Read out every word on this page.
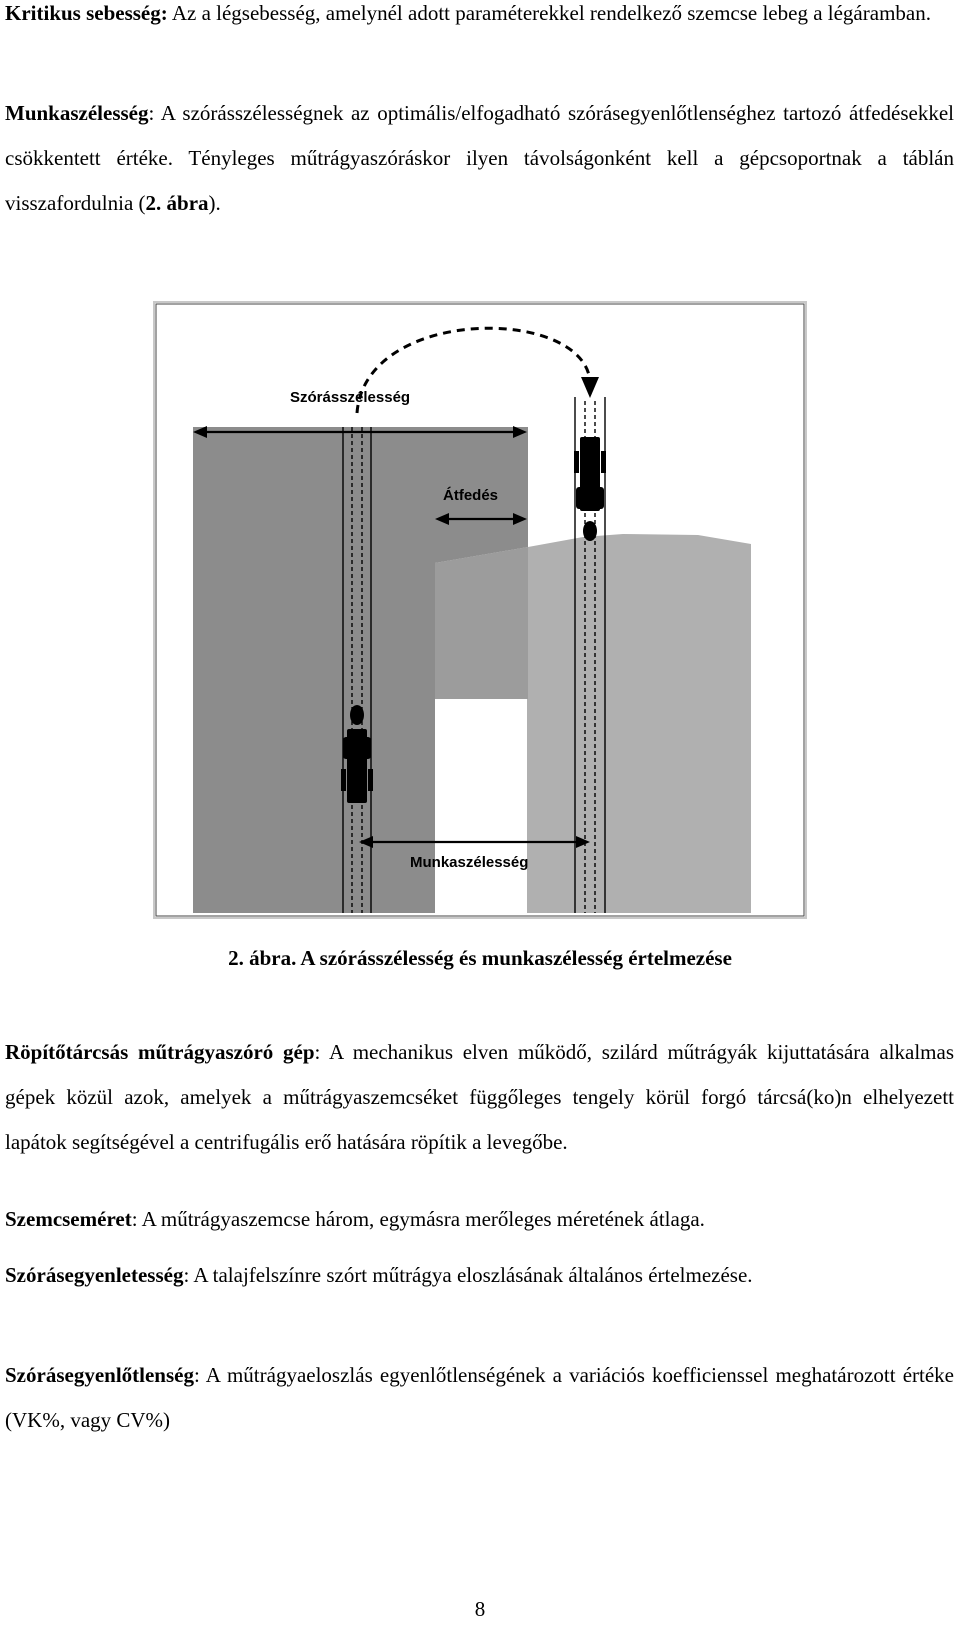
Kritikus sebesség: Az a légsebesség, amelynél adott paraméterekkel rendelkező szemcse lebeg a légáramban.

Munkaszélesség: A szórásszélességnek az optimális/elfogadható szórásegyenlőtlenséghez tartozó átfedésekkel csökkentett értéke. Tényleges műtrágyaszóráskor ilyen távolságonként kell a gépcsoportnak a táblán visszafordulnia (2. ábra).

Szórásszélesség
Átfedés
Munkaszélesség

2. ábra. A szórásszélesség és munkaszélesség értelmezése

Röpítőtárcsás műtrágyaszóró gép: A mechanikus elven működő, szilárd műtrágyák kijuttatására alkalmas gépek közül azok, amelyek a műtrágyaszemcséket függőleges tengely körül forgó tárcsá(ko)n elhelyezett lapátok segítségével a centrifugális erő hatására röpítik a levegőbe.

Szemcseméret: A műtrágyaszemcse három, egymásra merőleges méretének átlaga.

Szórásegyenletesség: A talajfelszínre szórt műtrágya eloszlásának általános értelmezése.

Szórásegyenlőtlenség: A műtrágyaeloszlás egyenlőtlenségének a variációs koefficienssel meghatározott értéke (VK%, vagy CV%)

8
